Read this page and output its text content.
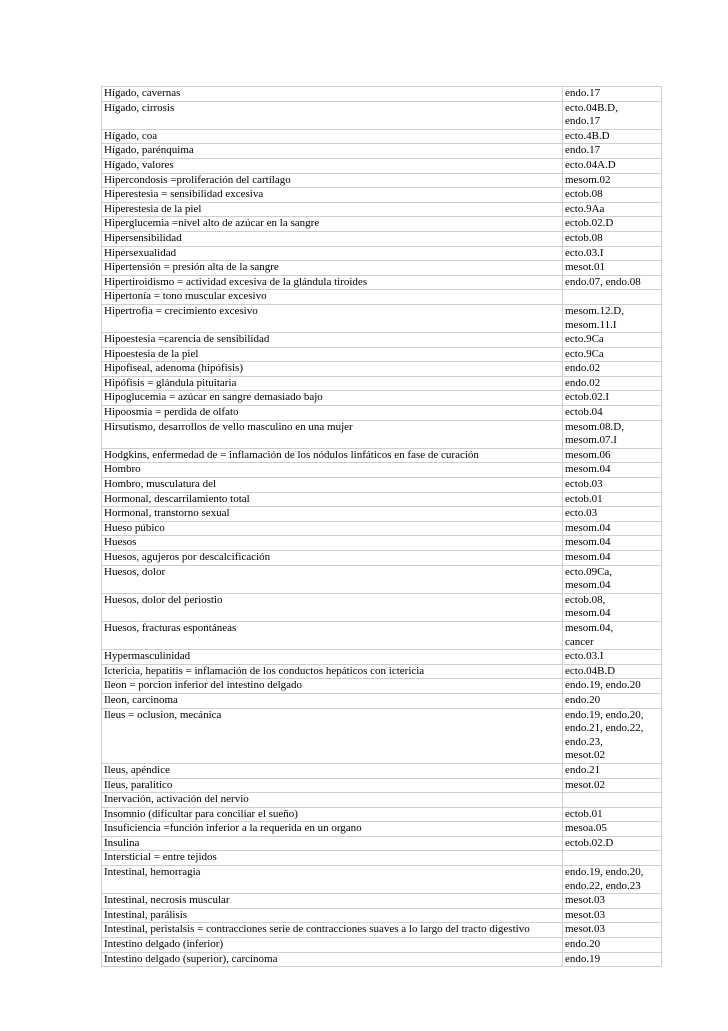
Hígado, cavernas	endo.17
Hígado, cirrosis	ecto.04B.D,
endo.17
Hígado, coa	ecto.4B.D
Hígado, parénquima	endo.17
Hígado, valores	ecto.04A.D
Hipercondosis =proliferación del cartílago	mesom.02
Hiperestesia = sensibilidad excesiva	ectob.08
Hiperestesia de la piel	ecto.9Aa
Hiperglucemia =nivel alto de azúcar en la sangre	ectob.02.D
Hipersensibilidad	ectob.08
Hipersexualidad	ecto.03.I
Hipertensión = presión alta de la sangre	mesot.01
Hipertiroidismo = actividad excesiva de la glándula tiroides	endo.07, endo.08
Hipertonía = tono muscular excesivo	
Hipertrofia = crecimiento excesivo	mesom.12.D,
mesom.11.I
Hipoestesia =carencia de sensibilidad	ecto.9Ca
Hipoestesia de la piel	ecto.9Ca
Hipofiseal, adenoma (hipófisis)	endo.02
Hipófisis = glándula pituitaria	endo.02
Hipoglucemia = azúcar en sangre demasiado bajo	ectob.02.I
Hipoosmia = perdida de olfato	ectob.04
Hirsutismo, desarrollos de vello masculino en una mujer	mesom.08.D,
mesom.07.I
Hodgkins, enfermedad de = inflamación de los nódulos linfáticos en fase de curación	mesom.06
Hombro	mesom.04
Hombro, musculatura del	ectob.03
Hormonal, descarrilamiento total	ectob.01
Hormonal, transtorno sexual	ecto.03
Hueso púbico	mesom.04
Huesos	mesom.04
Huesos, agujeros por descalcificación	mesom.04
Huesos, dolor	ecto.09Ca,
mesom.04
Huesos, dolor del periostio	ectob.08,
mesom.04
Huesos, fracturas espontáneas	mesom.04,
cancer
Hypermasculinidad	ecto.03.I
Ictericia, hepatitis = inflamación de los conductos hepáticos con ictericia	ecto.04B.D
Ileon = porcion inferior del intestino delgado	endo.19, endo.20
Ileon, carcinoma	endo.20
Ileus = oclusion, mecánica	endo.19, endo.20,
endo.21, endo.22,
endo.23,
mesot.02
Ileus, apéndice	endo.21
Ileus, paralitico	mesot.02
Inervación, activación del nervio	
Insomnio (dificultar para conciliar el sueño)	ectob.01
Insuficiencia =función inferior a la requerida en un organo	mesoa.05
Insulina	ectob.02.D
Intersticial = entre tejidos	
Intestinal, hemorragia	endo.19, endo.20,
endo.22, endo.23
Intestinal, necrosis muscular	mesot.03
Intestinal, parálisis	mesot.03
Intestinal, peristalsis = contracciones serie de contracciones suaves a lo largo del tracto digestivo	mesot.03
Intestino delgado (inferior)	endo.20
Intestino delgado (superior), carcinoma	endo.19
